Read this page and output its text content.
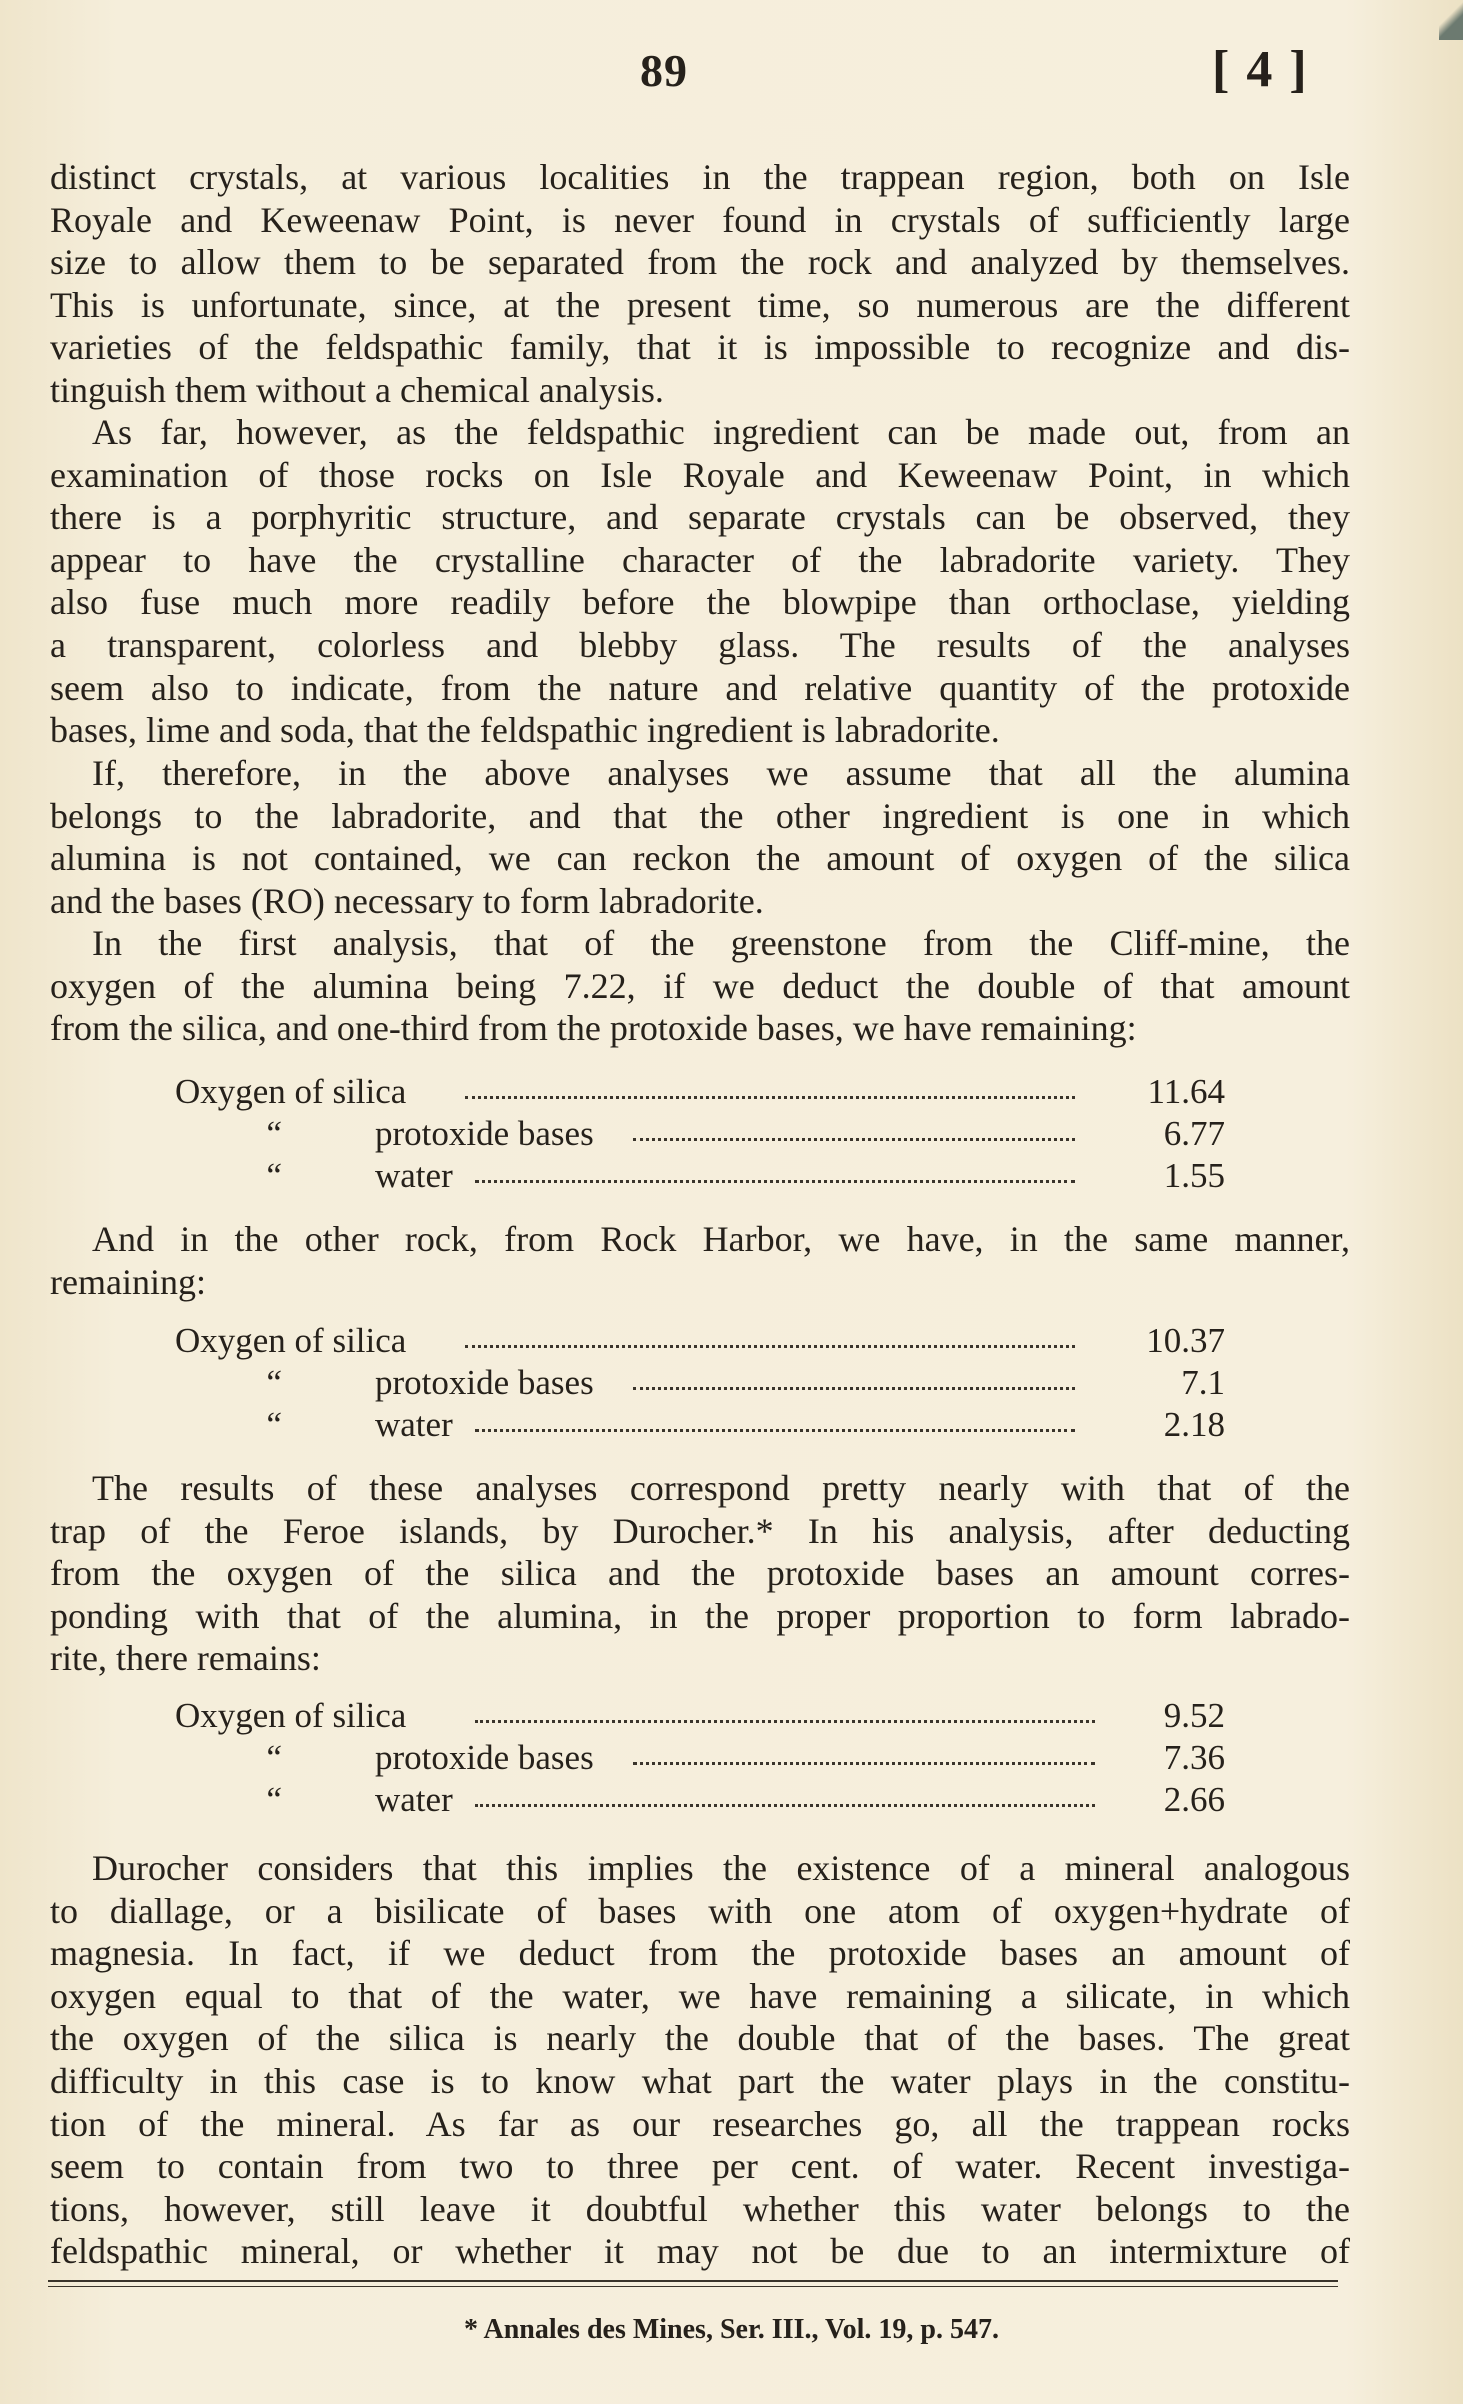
89	[ 4 ]
distinct crystals, at various localities in the trappean region, both on Isle
Royale and Keweenaw Point, is never found in crystals of sufficiently large
size to allow them to be separated from the rock and analyzed by themselves.
This is unfortunate, since, at the present time, so numerous are the different
varieties of the feldspathic family, that it is impossible to recognize and dis-
tinguish them without a chemical analysis.
As far, however, as the feldspathic ingredient can be made out, from an
examination of those rocks on Isle Royale and Keweenaw Point, in which
there is a porphyritic structure, and separate crystals can be observed, they
appear to have the crystalline character of the labradorite variety. They
also fuse much more readily before the blowpipe than orthoclase, yielding
a transparent, colorless and blebby glass. The results of the analyses
seem also to indicate, from the nature and relative quantity of the protoxide
bases, lime and soda, that the feldspathic ingredient is labradorite.
If, therefore, in the above analyses we assume that all the alumina
belongs to the labradorite, and that the other ingredient is one in which
alumina is not contained, we can reckon the amount of oxygen of the silica
and the bases (RO) necessary to form labradorite.
In the first analysis, that of the greenstone from the Cliff-mine, the
oxygen of the alumina being 7.22, if we deduct the double of that amount
from the silica, and one-third from the protoxide bases, we have remaining:
Oxygen of silica	11.64
“	protoxide bases	6.77
“	water	1.55
And in the other rock, from Rock Harbor, we have, in the same manner,
remaining:
Oxygen of silica	10.37
“	protoxide bases	7.1
“	water	2.18
The results of these analyses correspond pretty nearly with that of the
trap of the Feroe islands, by Durocher.* In his analysis, after deducting
from the oxygen of the silica and the protoxide bases an amount corres-
ponding with that of the alumina, in the proper proportion to form labrado-
rite, there remains:
Oxygen of silica	9.52
“	protoxide bases	7.36
“	water	2.66
Durocher considers that this implies the existence of a mineral analogous
to diallage, or a bisilicate of bases with one atom of oxygen+hydrate of
magnesia. In fact, if we deduct from the protoxide bases an amount of
oxygen equal to that of the water, we have remaining a silicate, in which
the oxygen of the silica is nearly the double that of the bases. The great
difficulty in this case is to know what part the water plays in the constitu-
tion of the mineral. As far as our researches go, all the trappean rocks
seem to contain from two to three per cent. of water. Recent investiga-
tions, however, still leave it doubtful whether this water belongs to the
feldspathic mineral, or whether it may not be due to an intermixture of
* Annales des Mines, Ser. III., Vol. 19, p. 547.
